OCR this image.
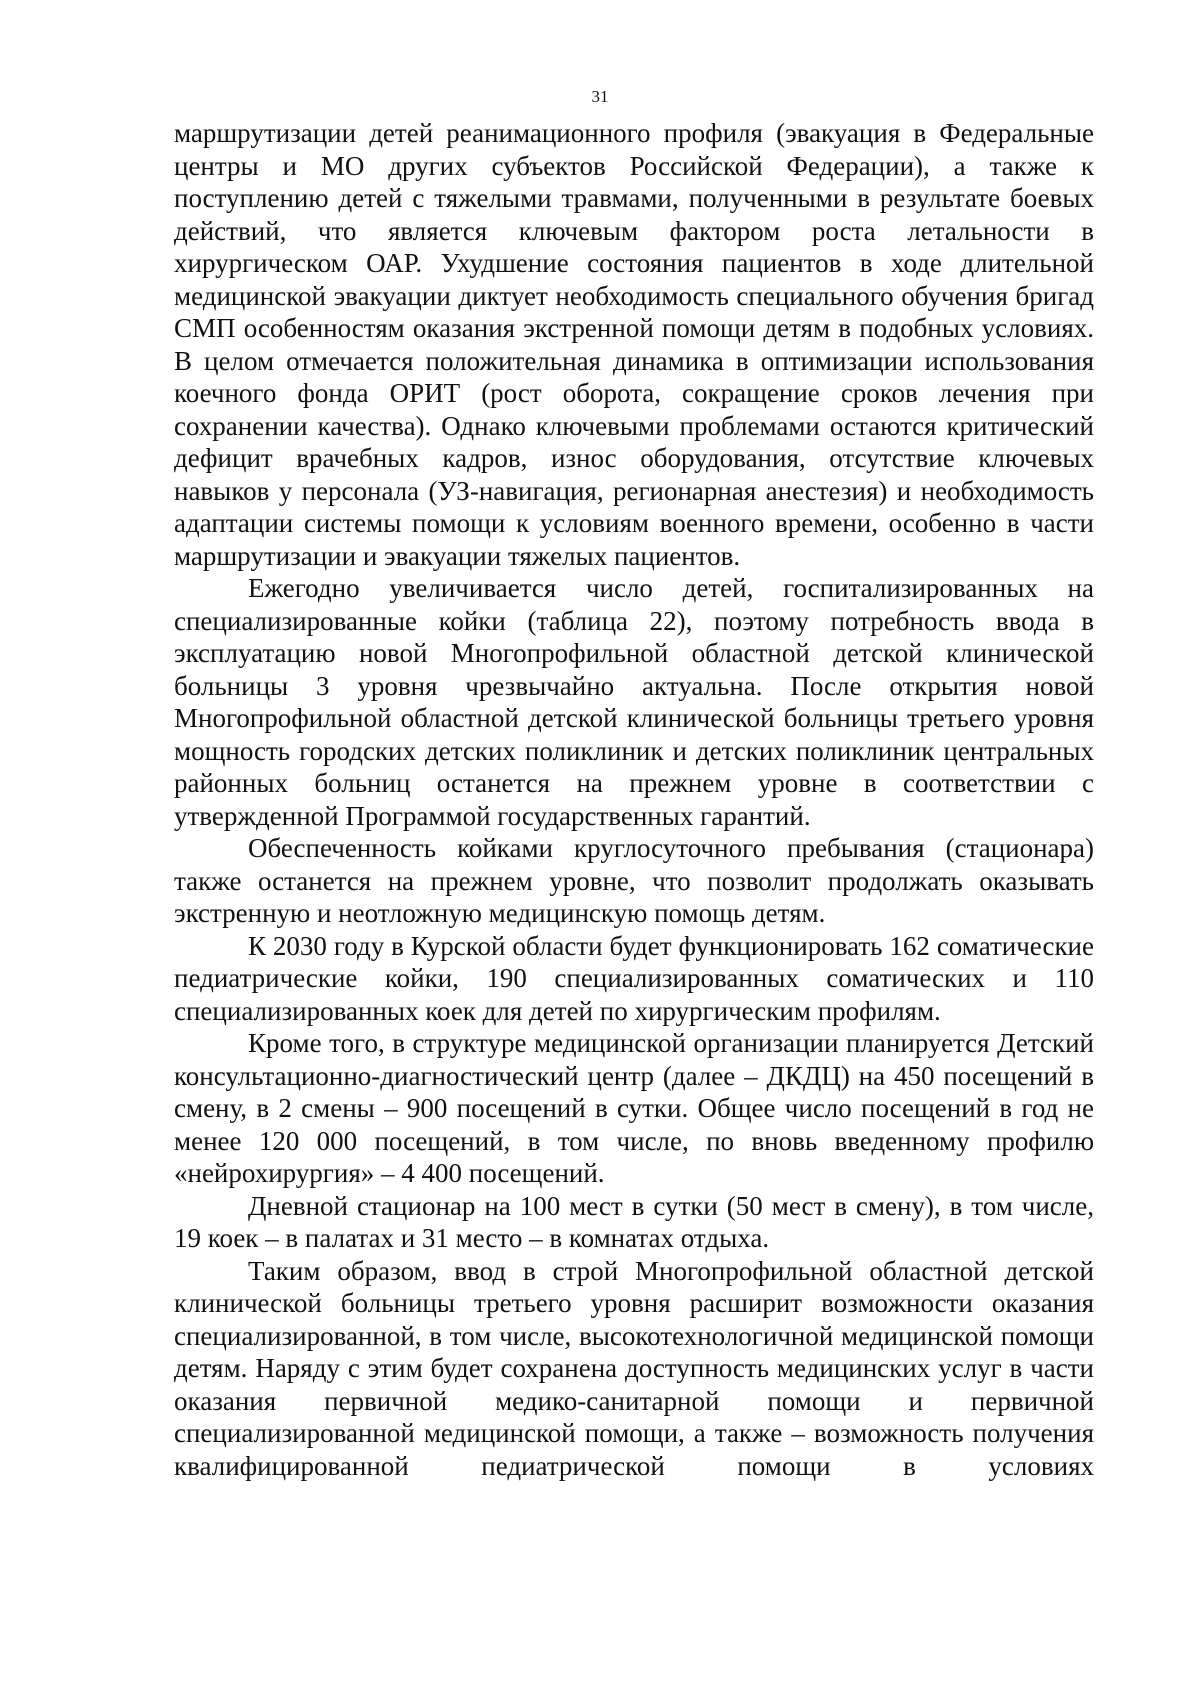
31

маршрутизации детей реанимационного профиля (эвакуация в Федеральные центры и МО других субъектов Российской Федерации), а также к поступлению детей с тяжелыми травмами, полученными в результате боевых действий, что является ключевым фактором роста летальности в хирургическом ОАР. Ухудшение состояния пациентов в ходе длительной медицинской эвакуации диктует необходимость специального обучения бригад СМП особенностям оказания экстренной помощи детям в подобных условиях. В целом отмечается положительная динамика в оптимизации использования коечного фонда ОРИТ (рост оборота, сокращение сроков лечения при сохранении качества). Однако ключевыми проблемами остаются критический дефицит врачебных кадров, износ оборудования, отсутствие ключевых навыков у персонала (УЗ-навигация, регионарная анестезия) и необходимость адаптации системы помощи к условиям военного времени, особенно в части маршрутизации и эвакуации тяжелых пациентов.

Ежегодно увеличивается число детей, госпитализированных на специализированные койки (таблица 22), поэтому потребность ввода в эксплуатацию новой Многопрофильной областной детской клинической больницы 3 уровня чрезвычайно актуальна. После открытия новой Многопрофильной областной детской клинической больницы третьего уровня мощность городских детских поликлиник и детских поликлиник центральных районных больниц останется на прежнем уровне в соответствии с утвержденной Программой государственных гарантий.

Обеспеченность койками круглосуточного пребывания (стационара) также останется на прежнем уровне, что позволит продолжать оказывать экстренную и неотложную медицинскую помощь детям.

К 2030 году в Курской области будет функционировать 162 соматические педиатрические койки, 190 специализированных соматических и 110 специализированных коек для детей по хирургическим профилям.

Кроме того, в структуре медицинской организации планируется Детский консультационно-диагностический центр (далее – ДКДЦ) на 450 посещений в смену, в 2 смены – 900 посещений в сутки. Общее число посещений в год не менее 120 000 посещений, в том числе, по вновь введенному профилю «нейрохирургия» – 4 400 посещений.

Дневной стационар на 100 мест в сутки (50 мест в смену), в том числе, 19 коек – в палатах и 31 место – в комнатах отдыха.

Таким образом, ввод в строй Многопрофильной областной детской клинической больницы третьего уровня расширит возможности оказания специализированной, в том числе, высокотехнологичной медицинской помощи детям. Наряду с этим будет сохранена доступность медицинских услуг в части оказания первичной медико-санитарной помощи и первичной специализированной медицинской помощи, а также – возможность получения квалифицированной педиатрической помощи в условиях
